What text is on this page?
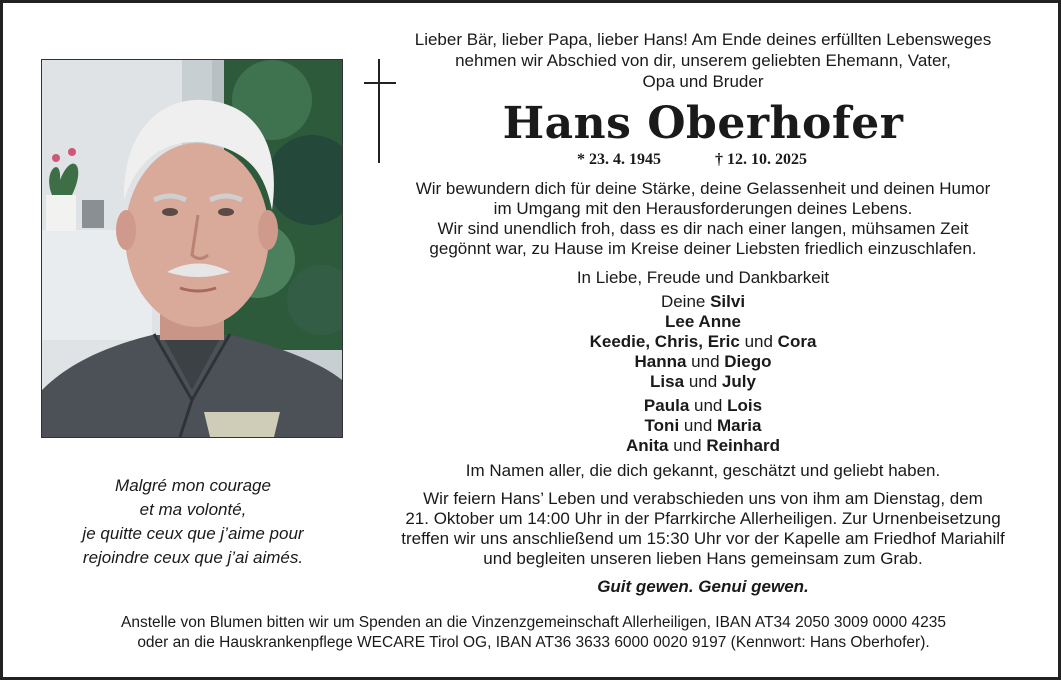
Lieber Bär, lieber Papa, lieber Hans! Am Ende deines erfüllten Lebensweges
nehmen wir Abschied von dir, unserem geliebten Ehemann, Vater,
Opa und Bruder
Hans Oberhofer
* 23. 4. 1945	† 12. 10. 2025
Malgré mon courage
et ma volonté,
je quitte ceux que j’aime pour
rejoindre ceux que j’ai aimés.
Wir bewundern dich für deine Stärke, deine Gelassenheit und deinen Humor
im Umgang mit den Herausforderungen deines Lebens.
Wir sind unendlich froh, dass es dir nach einer langen, mühsamen Zeit
gegönnt war, zu Hause im Kreise deiner Liebsten friedlich einzuschlafen.
In Liebe, Freude und Dankbarkeit
Deine Silvi
Lee Anne
Keedie, Chris, Eric und Cora
Hanna und Diego
Lisa und July
Paula und Lois
Toni und Maria
Anita und Reinhard
Im Namen aller, die dich gekannt, geschätzt und geliebt haben.
Wir feiern Hans’ Leben und verabschieden uns von ihm am Dienstag, dem
21. Oktober um 14:00 Uhr in der Pfarrkirche Allerheiligen. Zur Urnenbeisetzung
treffen wir uns anschließend um 15:30 Uhr vor der Kapelle am Friedhof Mariahilf
und begleiten unseren lieben Hans gemeinsam zum Grab.
Guit gewen. Genui gewen.
Anstelle von Blumen bitten wir um Spenden an die Vinzenzgemeinschaft Allerheiligen, IBAN AT34 2050 3009 0000 4235
oder an die Hauskrankenpflege WECARE Tirol OG, IBAN AT36 3633 6000 0020 9197 (Kennwort: Hans Oberhofer).
